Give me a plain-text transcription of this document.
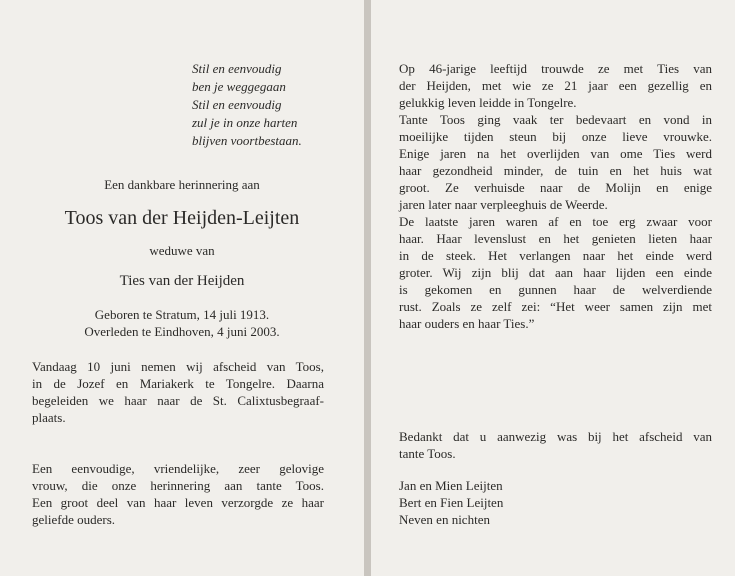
Stil en eenvoudig
ben je weggegaan
Stil en eenvoudig
zul je in onze harten
blijven voortbestaan.
Een dankbare herinnering aan
Toos van der Heijden-Leijten
weduwe van
Ties van der Heijden
Geboren te Stratum, 14 juli 1913.
Overleden te Eindhoven, 4 juni 2003.
Vandaag 10 juni nemen wij afscheid van Toos,
in de Jozef en Mariakerk te Tongelre. Daarna
begeleiden we haar naar de St. Calixtusbegraaf-
plaats.
Een eenvoudige, vriendelijke, zeer gelovige
vrouw, die onze herinnering aan tante Toos.
Een groot deel van haar leven verzorgde ze haar
geliefde ouders.
Op 46-jarige leeftijd trouwde ze met Ties van
der Heijden, met wie ze 21 jaar een gezellig en
gelukkig leven leidde in Tongelre.
Tante Toos ging vaak ter bedevaart en vond in
moeilijke tijden steun bij onze lieve vrouwke.
Enige jaren na het overlijden van ome Ties werd
haar gezondheid minder, de tuin en het huis wat
groot. Ze verhuisde naar de Molijn en enige
jaren later naar verpleeghuis de Weerde.
De laatste jaren waren af en toe erg zwaar voor
haar. Haar levenslust en het genieten lieten haar
in de steek. Het verlangen naar het einde werd
groter. Wij zijn blij dat aan haar lijden een einde
is gekomen en gunnen haar de welverdiende
rust. Zoals ze zelf zei: “Het weer samen zijn met
haar ouders en haar Ties.”
Bedankt dat u aanwezig was bij het afscheid van
tante Toos.
Jan en Mien Leijten
Bert en Fien Leijten
Neven en nichten
